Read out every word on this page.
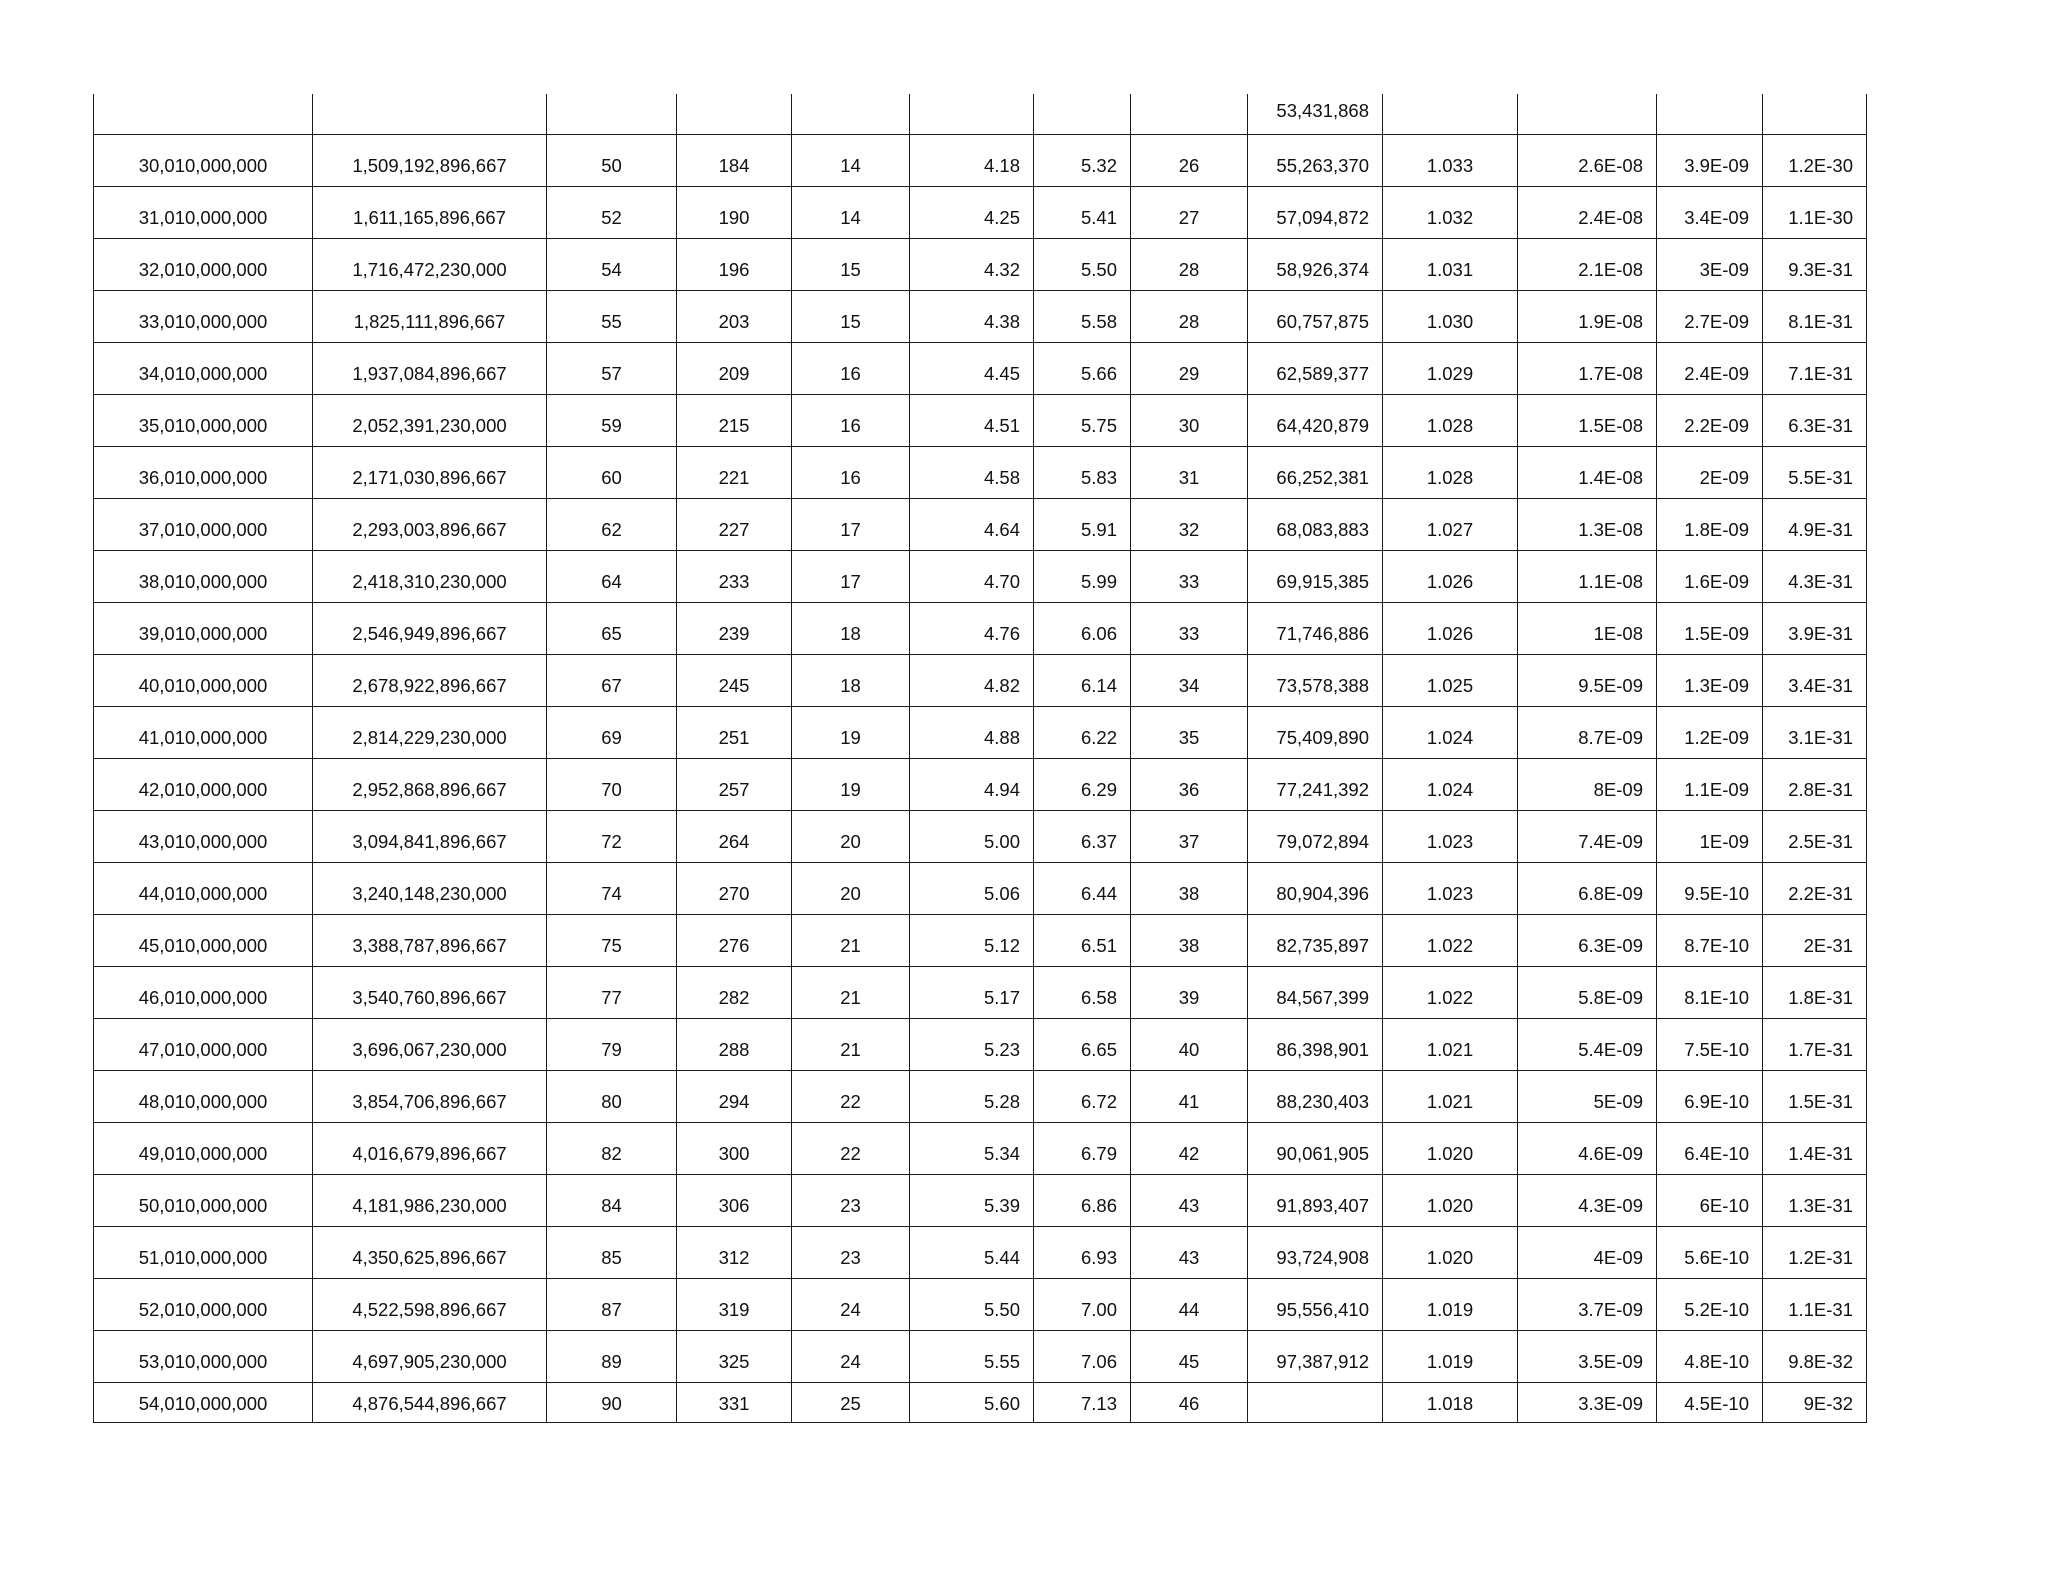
								53,431,868				
30,010,000,000	1,509,192,896,667	50	184	14	4.18	5.32	26	55,263,370	1.033	2.6E-08	3.9E-09	1.2E-30
31,010,000,000	1,611,165,896,667	52	190	14	4.25	5.41	27	57,094,872	1.032	2.4E-08	3.4E-09	1.1E-30
32,010,000,000	1,716,472,230,000	54	196	15	4.32	5.50	28	58,926,374	1.031	2.1E-08	3E-09	9.3E-31
33,010,000,000	1,825,111,896,667	55	203	15	4.38	5.58	28	60,757,875	1.030	1.9E-08	2.7E-09	8.1E-31
34,010,000,000	1,937,084,896,667	57	209	16	4.45	5.66	29	62,589,377	1.029	1.7E-08	2.4E-09	7.1E-31
35,010,000,000	2,052,391,230,000	59	215	16	4.51	5.75	30	64,420,879	1.028	1.5E-08	2.2E-09	6.3E-31
36,010,000,000	2,171,030,896,667	60	221	16	4.58	5.83	31	66,252,381	1.028	1.4E-08	2E-09	5.5E-31
37,010,000,000	2,293,003,896,667	62	227	17	4.64	5.91	32	68,083,883	1.027	1.3E-08	1.8E-09	4.9E-31
38,010,000,000	2,418,310,230,000	64	233	17	4.70	5.99	33	69,915,385	1.026	1.1E-08	1.6E-09	4.3E-31
39,010,000,000	2,546,949,896,667	65	239	18	4.76	6.06	33	71,746,886	1.026	1E-08	1.5E-09	3.9E-31
40,010,000,000	2,678,922,896,667	67	245	18	4.82	6.14	34	73,578,388	1.025	9.5E-09	1.3E-09	3.4E-31
41,010,000,000	2,814,229,230,000	69	251	19	4.88	6.22	35	75,409,890	1.024	8.7E-09	1.2E-09	3.1E-31
42,010,000,000	2,952,868,896,667	70	257	19	4.94	6.29	36	77,241,392	1.024	8E-09	1.1E-09	2.8E-31
43,010,000,000	3,094,841,896,667	72	264	20	5.00	6.37	37	79,072,894	1.023	7.4E-09	1E-09	2.5E-31
44,010,000,000	3,240,148,230,000	74	270	20	5.06	6.44	38	80,904,396	1.023	6.8E-09	9.5E-10	2.2E-31
45,010,000,000	3,388,787,896,667	75	276	21	5.12	6.51	38	82,735,897	1.022	6.3E-09	8.7E-10	2E-31
46,010,000,000	3,540,760,896,667	77	282	21	5.17	6.58	39	84,567,399	1.022	5.8E-09	8.1E-10	1.8E-31
47,010,000,000	3,696,067,230,000	79	288	21	5.23	6.65	40	86,398,901	1.021	5.4E-09	7.5E-10	1.7E-31
48,010,000,000	3,854,706,896,667	80	294	22	5.28	6.72	41	88,230,403	1.021	5E-09	6.9E-10	1.5E-31
49,010,000,000	4,016,679,896,667	82	300	22	5.34	6.79	42	90,061,905	1.020	4.6E-09	6.4E-10	1.4E-31
50,010,000,000	4,181,986,230,000	84	306	23	5.39	6.86	43	91,893,407	1.020	4.3E-09	6E-10	1.3E-31
51,010,000,000	4,350,625,896,667	85	312	23	5.44	6.93	43	93,724,908	1.020	4E-09	5.6E-10	1.2E-31
52,010,000,000	4,522,598,896,667	87	319	24	5.50	7.00	44	95,556,410	1.019	3.7E-09	5.2E-10	1.1E-31
53,010,000,000	4,697,905,230,000	89	325	24	5.55	7.06	45	97,387,912	1.019	3.5E-09	4.8E-10	9.8E-32
54,010,000,000	4,876,544,896,667	90	331	25	5.60	7.13	46		1.018	3.3E-09	4.5E-10	9E-32
